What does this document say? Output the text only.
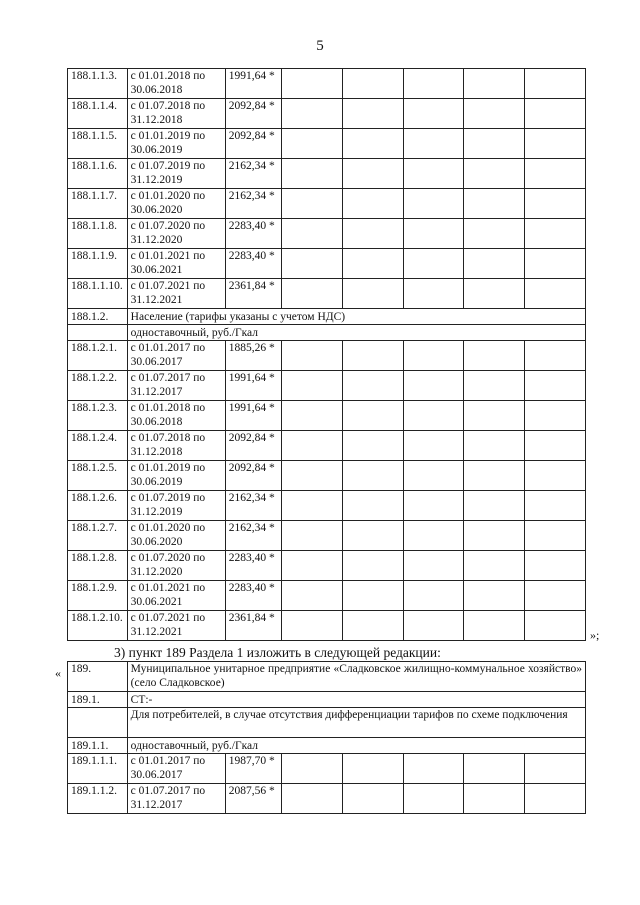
5
188.1.1.3.	с 01.01.2018 по 30.06.2018	1991,64 *					
188.1.1.4.	с 01.07.2018 по 31.12.2018	2092,84 *					
188.1.1.5.	с 01.01.2019 по 30.06.2019	2092,84 *					
188.1.1.6.	с 01.07.2019 по 31.12.2019	2162,34 *					
188.1.1.7.	с 01.01.2020 по 30.06.2020	2162,34 *					
188.1.1.8.	с 01.07.2020 по 31.12.2020	2283,40 *					
188.1.1.9.	с 01.01.2021 по 30.06.2021	2283,40 *					
188.1.1.10.	с 01.07.2021 по 31.12.2021	2361,84 *					
188.1.2.	Население (тарифы указаны с учетом НДС)						
	одноставочный, руб./Гкал						
188.1.2.1.	с 01.01.2017 по 30.06.2017	1885,26 *					
188.1.2.2.	с 01.07.2017 по 31.12.2017	1991,64 *					
188.1.2.3.	с 01.01.2018 по 30.06.2018	1991,64 *					
188.1.2.4.	с 01.07.2018 по 31.12.2018	2092,84 *					
188.1.2.5.	с 01.01.2019 по 30.06.2019	2092,84 *					
188.1.2.6.	с 01.07.2019 по 31.12.2019	2162,34 *					
188.1.2.7.	с 01.01.2020 по 30.06.2020	2162,34 *					
188.1.2.8.	с 01.07.2020 по 31.12.2020	2283,40 *					
188.1.2.9.	с 01.01.2021 по 30.06.2021	2283,40 *					
188.1.2.10.	с 01.07.2021 по 31.12.2021	2361,84 *					
»;
3) пункт 189 Раздела 1 изложить в следующей редакции:
« 189.	Муниципальное унитарное предприятие «Сладковское жилищно-коммунальное хозяйство» (село Сладковское)						
189.1.	СТ:-						
	Для потребителей, в случае отсутствия дифференциации тарифов по схеме подключения						
189.1.1.	одноставочный, руб./Гкал						
189.1.1.1.	с 01.01.2017 по 30.06.2017	1987,70 *					
189.1.1.2.	с 01.07.2017 по 31.12.2017	2087,56 *					
